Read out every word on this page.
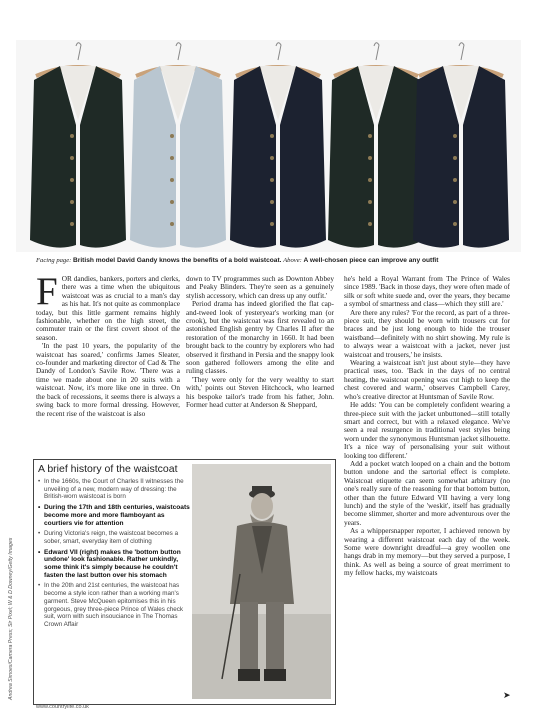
Facing page: British model David Gandy knows the benefits of a bold waistcoat. Above: A well-chosen piece can improve any outfit

FOR dandies, bankers, porters and clerks, there was a time when the ubiquitous waistcoat was as crucial to a man's day as his hat. It's not quite as commonplace today, but this little garment remains highly fashionable, whether on the high street, the commuter train or the first covert shoot of the season.

'In the past 10 years, the popularity of the waistcoat has soared,' confirms James Sleater, co-founder and marketing director of Cad & The Dandy of London's Savile Row. 'There was a time we made about one in 20 suits with a waistcoat. Now, it's more like one in three. On the back of recessions, it seems there is always a swing back to more formal dressing. However, the recent rise of the waistcoat is also

down to TV programmes such as Downton Abbey and Peaky Blinders. They're seen as a genuinely stylish accessory, which can dress up any outfit.'

Period drama has indeed glorified the flat cap-and-tweed look of yesteryear's working man (or crook), but the waistcoat was first revealed to an astonished English gentry by Charles II after the restoration of the monarchy in 1660. It had been brought back to the country by explorers who had observed it firsthand in Persia and the snappy look soon gathered followers among the elite and ruling classes.

'They were only for the very wealthy to start with,' points out Steven Hitchcock, who learned his bespoke tailor's trade from his father, John. Former head cutter at Anderson & Sheppard,

he's held a Royal Warrant from The Prince of Wales since 1989. 'Back in those days, they were often made of silk or soft white suede and, over the years, they became a symbol of smartness and class—which they still are.'

Are there any rules? 'For the record, as part of a three-piece suit, they should be worn with trousers cut for braces and be just long enough to hide the trouser waistband—definitely with no shirt showing. My rule is to always wear a waistcoat with a jacket, never just waistcoat and trousers,' he insists.

Wearing a waistcoat isn't just about style—they have practical uses, too. 'Back in the days of no central heating, the waistcoat opening was cut high to keep the chest covered and warm,' observes Campbell Carey, who's creative director at Huntsman of Savile Row.

He adds: 'You can be completely confident wearing a three-piece suit with the jacket unbuttoned—still totally smart and correct, but with a relaxed elegance. We've seen a real resurgence in traditional vest styles being worn under the synonymous Huntsman jacket silhouette. It's a nice way of personalising your suit without looking too different.'

Add a pocket watch looped on a chain and the bottom button undone and the sartorial effect is complete. Waistcoat etiquette can seem somewhat arbitrary (no one's really sure of the reasoning for that bottom button, other than the future Edward VII having a very long lunch) and the style of the 'weskit', itself has gradually become slimmer, shorter and more adventurous over the years.

As a whippersnapper reporter, I achieved renown by wearing a different waistcoat each day of the week. Some were downright dreadful—a grey woollen one hangs drab in my memory—but they served a purpose, I think. As well as being a source of great merriment to my fellow hacks, my waistcoats

A brief history of the waistcoat
• In the 1660s, the Court of Charles II witnesses the unveiling of a new, modern way of dressing: the British-worn waistcoat is born
• During the 17th and 18th centuries, waistcoats become more and more flamboyant as courtiers vie for attention
• During Victoria's reign, the waistcoat becomes a sober, smart, everyday item of clothing
• Edward VII (right) makes the 'bottom button undone' look fashionable. Rather unkindly, some think it's simply because he couldn't fasten the last button over his stomach
• In the 20th and 21st centuries, the waistcoat has become a style icon rather than a working man's garment. Steve McQueen epitomises this in his gorgeous, grey three-piece Prince of Wales check suit, worn with such insouciance in The Thomas Crown Affair
Andrea Simoes/Camera Press; Sir Pixel; W & D Downey/Getty Images
www.countrylife.co.uk
➤
